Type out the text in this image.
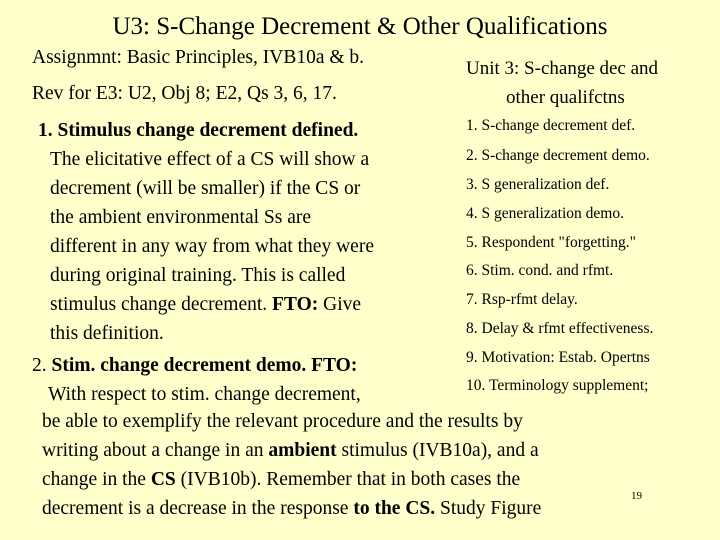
U3: S-Change Decrement & Other Qualifications
Assignmnt: Basic Principles, IVB10a & b.
Rev for E3: U2, Obj 8; E2, Qs 3, 6, 17.
1. Stimulus change decrement defined.
The elicitative effect of a CS will show a
decrement (will be smaller) if the CS or
the ambient environmental Ss are
different in any way from what they were
during original training. This is called
stimulus change decrement. FTO: Give
this definition.
2. Stim. change decrement demo. FTO:
With respect to stim. change decrement,
be able to exemplify the relevant procedure and the results by
writing about a change in an ambient stimulus (IVB10a), and a
change in the CS (IVB10b). Remember that in both cases the
decrement is a decrease in the response to the CS. Study Figure
Unit 3: S-change dec and
other qualifctns
1. S-change decrement def.
2. S-change decrement demo.
3. S generalization def.
4. S generalization demo.
5. Respondent "forgetting."
6. Stim. cond. and rfmt.
7. Rsp-rfmt delay.
8. Delay & rfmt effectiveness.
9. Motivation: Estab. Opertns
10. Terminology supplement;
19
